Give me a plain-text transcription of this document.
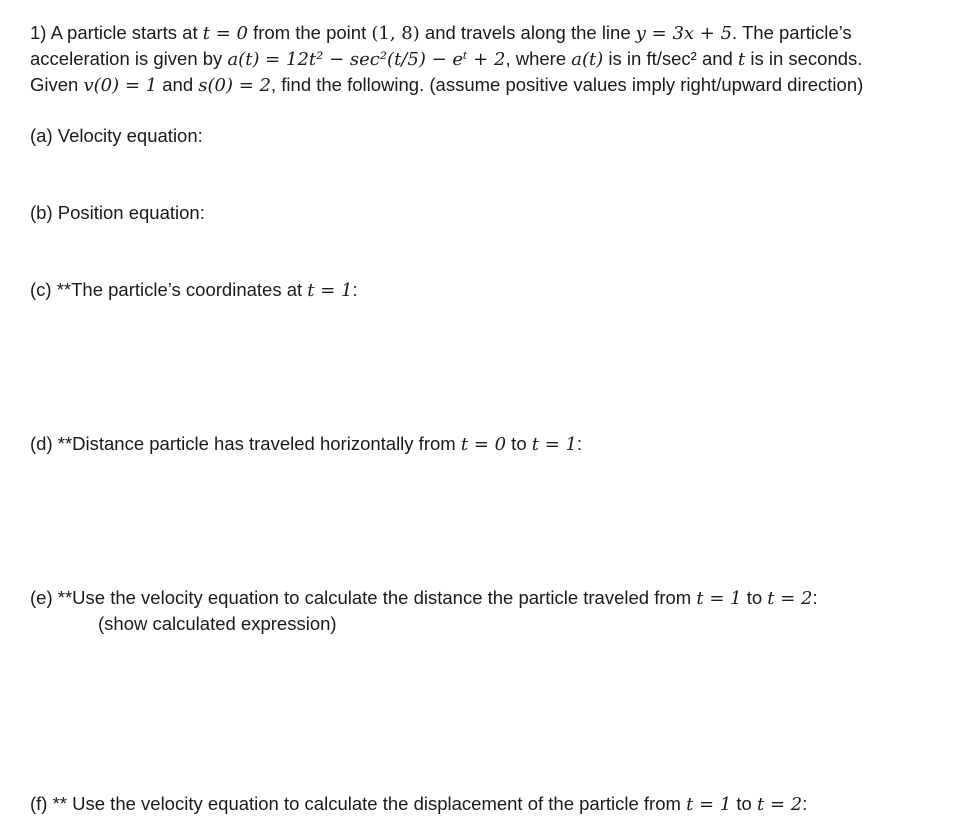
1) A particle starts at t = 0 from the point (1, 8) and travels along the line y = 3x + 5. The particle’s
acceleration is given by a(t) = 12t² − sec²(t/5) − eᵗ + 2, where a(t) is in ft/sec² and t is in seconds.
Given v(0) = 1 and s(0) = 2, find the following. (assume positive values imply right/upward direction)
(a) Velocity equation:
(b) Position equation:
(c) **The particle’s coordinates at t = 1:
(d) **Distance particle has traveled horizontally from t = 0 to t = 1:
(e) **Use the velocity equation to calculate the distance the particle traveled from t = 1 to t = 2:
(show calculated expression)
(f) ** Use the velocity equation to calculate the displacement of the particle from t = 1 to t = 2:
